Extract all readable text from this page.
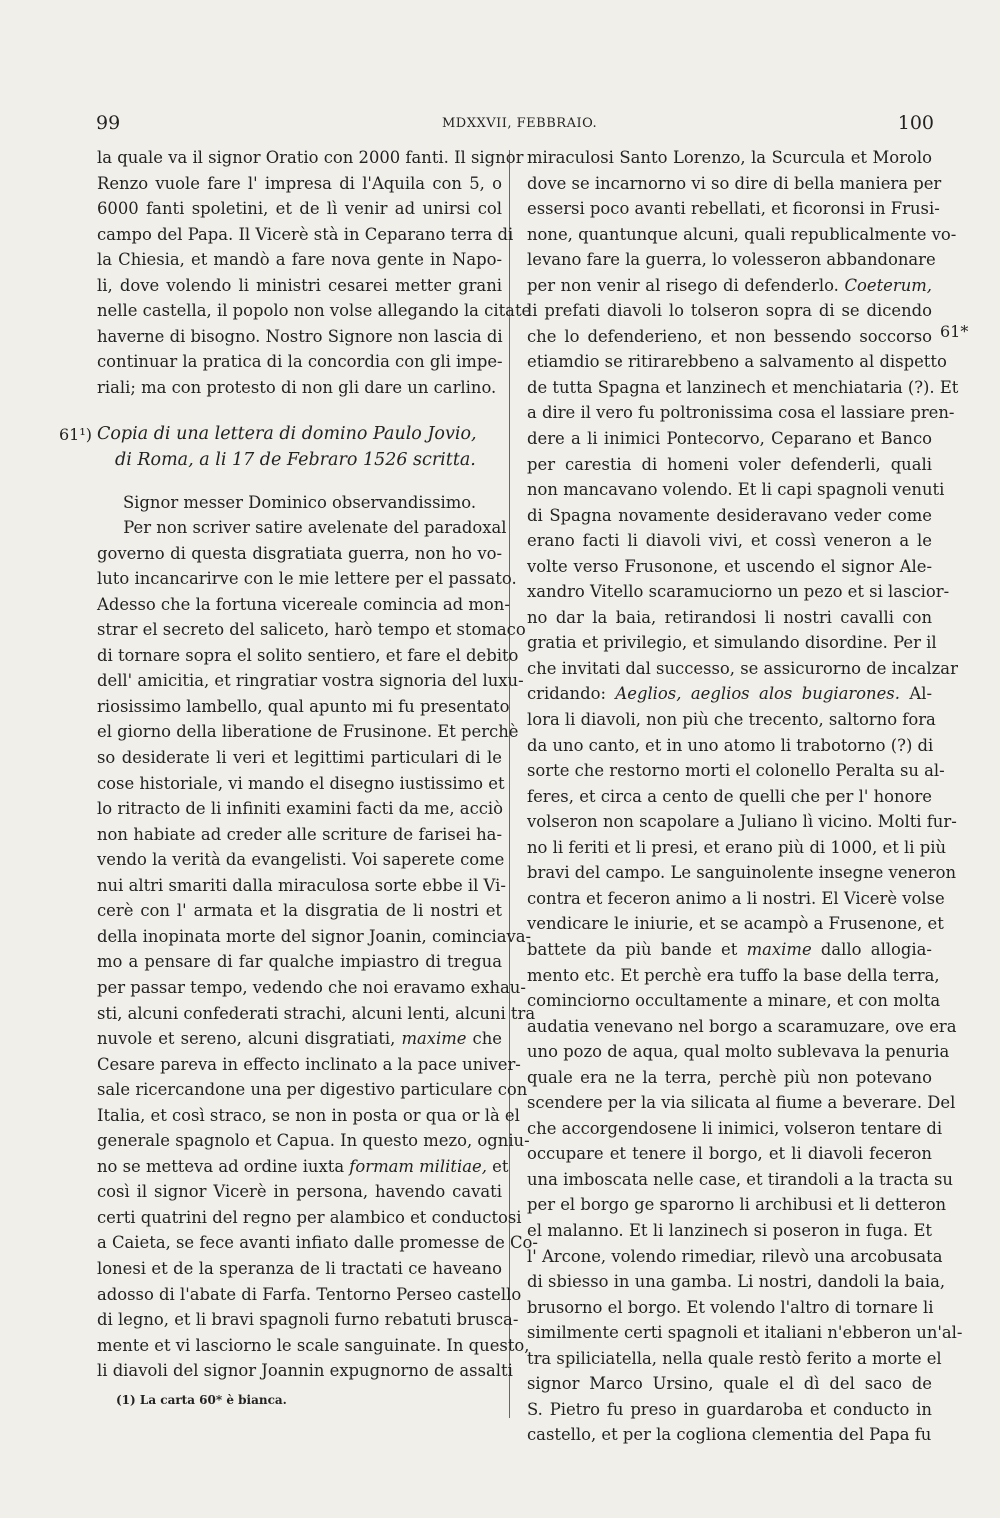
99	MDXXVII, FEBBRAIO.	100
la quale va il signor Oratio con 2000 fanti. Il signor
Renzo vuole fare l' impresa di l'Aquila con 5, o
6000 fanti spoletini, et de lì venir ad unirsi col
campo del Papa. Il Vicerè stà in Ceparano terra di
la Chiesia, et mandò a fare nova gente in Napo-
li, dove volendo li ministri cesarei metter grani
nelle castella, il popolo non volse allegando la citate
haverne di bisogno. Nostro Signore non lascia di
continuar la pratica di la concordia con gli impe-
riali; ma con protesto di non gli dare un carlino.
61¹) Copia di una lettera di domino Paulo Jovio,
di Roma, a li 17 de Febraro 1526 scritta.
Signor messer Dominico observandissimo.
Per non scriver satire avelenate del paradoxal
governo di questa disgratiata guerra, non ho vo-
luto incancarirve con le mie lettere per el passato.
Adesso che la fortuna vicereale comincia ad mon-
strar el secreto del saliceto, harò tempo et stomaco
di tornare sopra el solito sentiero, et fare el debito
dell' amicitia, et ringratiar vostra signoria del luxu-
riosissimo lambello, qual apunto mi fu presentato
el giorno della liberatione de Frusinone. Et perchè
so desiderate li veri et legittimi particulari di le
cose historiale, vi mando el disegno iustissimo et
lo ritracto de li infiniti examini facti da me, acciò
non habiate ad creder alle scriture de farisei ha-
vendo la verità da evangelisti. Voi saperete come
nui altri smariti dalla miraculosa sorte ebbe il Vi-
cerè con l' armata et la disgratia de li nostri et
della inopinata morte del signor Joanin, cominciava-
mo a pensare di far qualche impiastro di tregua
per passar tempo, vedendo che noi eravamo exhau-
sti, alcuni confederati strachi, alcuni lenti, alcuni tra
nuvole et sereno, alcuni disgratiati, maxime che
Cesare pareva in effecto inclinato a la pace univer-
sale ricercandone una per digestivo particulare con
Italia, et così straco, se non in posta or qua or là el
generale spagnolo et Capua. In questo mezo, ogniu-
no se metteva ad ordine iuxta formam militiae, et
così il signor Vicerè in persona, havendo cavati
certi quatrini del regno per alambico et conductosi
a Caieta, se fece avanti infiato dalle promesse de Co-
lonesi et de la speranza de li tractati ce haveano
adosso di l'abate di Farfa. Tentorno Perseo castello
di legno, et li bravi spagnoli furno rebatuti brusca-
mente et vi lasciorno le scale sanguinate. In questo,
li diavoli del signor Joannin expugnorno de assalti
miraculosi Santo Lorenzo, la Scurcula et Morolo
dove se incarnorno vi so dire di bella maniera per
essersi poco avanti rebellati, et ficoronsi in Frusi-
none, quantunque alcuni, quali republicalmente vo-
levano fare la guerra, lo volesseron abbandonare
per non venir al risego di defenderlo. Coeterum,
li prefati diavoli lo tolseron sopra di se dicendo
che lo defenderieno, et non bessendo soccorso
etiamdio se ritirarebbeno a salvamento al dispetto
de tutta Spagna et lanzinech et menchiataria (?). Et
a dire il vero fu poltronissima cosa el lassiare pren-
dere a li inimici Pontecorvo, Ceparano et Banco
per carestia di homeni voler defenderli, quali
non mancavano volendo. Et li capi spagnoli venuti
di Spagna novamente desideravano veder come
erano facti li diavoli vivi, et cossì veneron a le
volte verso Frusonone, et uscendo el signor Ale-
xandro Vitello scaramuciorno un pezo et si lascior-
no dar la baia, retirandosi li nostri cavalli con
gratia et privilegio, et simulando disordine. Per il
che invitati dal successo, se assicurorno de incalzar
cridando: Aeglios, aeglios alos bugiarones. Al-
lora li diavoli, non più che trecento, saltorno fora
da uno canto, et in uno atomo li trabotorno (?) di
sorte che restorno morti el colonello Peralta su al-
feres, et circa a cento de quelli che per l' honore
volseron non scapolare a Juliano lì vicino. Molti fur-
no li feriti et li presi, et erano più di 1000, et li più
bravi del campo. Le sanguinolente insegne veneron
contra et feceron animo a li nostri. El Vicerè volse
vendicare le iniurie, et se acampò a Frusenone, et
battete da più bande et maxime dallo allogia-
mento etc. Et perchè era tuffo la base della terra,
cominciorno occultamente a minare, et con molta
audatia venevano nel borgo a scaramuzare, ove era
uno pozo de aqua, qual molto sublevava la penuria
quale era ne la terra, perchè più non potevano
scendere per la via silicata al fiume a beverare. Del
che accorgendosene li inimici, volseron tentare di
occupare et tenere il borgo, et li diavoli feceron
una imboscata nelle case, et tirandoli a la tracta su
per el borgo ge sparorno li archibusi et li detteron
el malanno. Et li lanzinech si poseron in fuga. Et
l' Arcone, volendo rimediar, rilevò una arcobusata
di sbiesso in una gamba. Li nostri, dandoli la baia,
brusorno el borgo. Et volendo l'altro di tornare li
similmente certi spagnoli et italiani n'ebberon un'al-
tra spiliciatella, nella quale restò ferito a morte el
signor Marco Ursino, quale el dì del saco de
S. Pietro fu preso in guardaroba et conducto in
castello, et per la cogliona clementia del Papa fu
61*
(1) La carta 60* è bianca.
